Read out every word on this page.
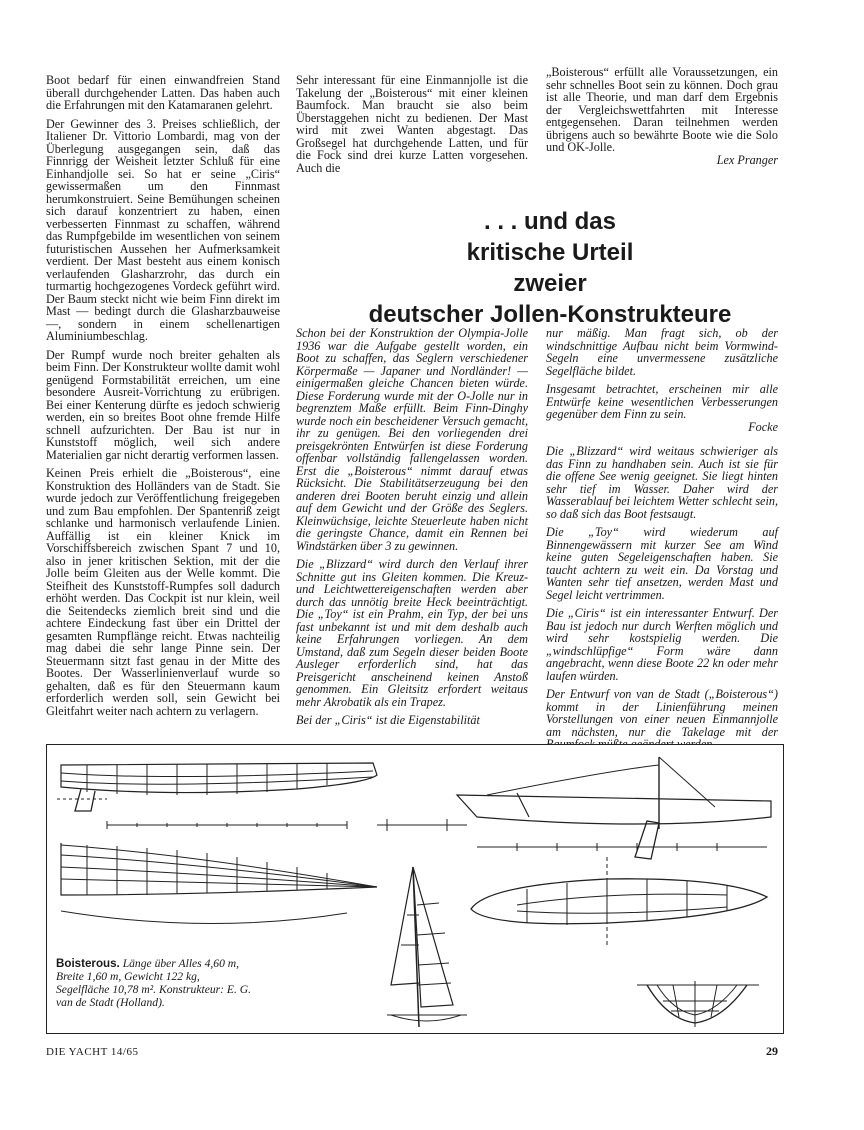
Boot bedarf für einen einwandfreien Stand überall durchgehender Latten. Das haben auch die Erfahrungen mit den Katamaranen gelehrt.

Der Gewinner des 3. Preises schließlich, der Italiener Dr. Vittorio Lombardi, mag von der Überlegung ausgegangen sein, daß das Finnrigg der Weisheit letzter Schluß für eine Einhandjolle sei. So hat er seine „Ciris“ gewissermaßen um den Finnmast herumkonstruiert. Seine Bemühungen scheinen sich darauf konzentriert zu haben, einen verbesserten Finnmast zu schaffen, während das Rumpfgebilde im wesentlichen von seinem futuristischen Aussehen her Aufmerksamkeit verdient. Der Mast besteht aus einem konisch verlaufenden Glasharzrohr, das durch ein turmartig hochgezogenes Vordeck geführt wird. Der Baum steckt nicht wie beim Finn direkt im Mast — bedingt durch die Glasharzbauweise —, sondern in einem schellenartigen Aluminiumbeschlag.

Der Rumpf wurde noch breiter gehalten als beim Finn. Der Konstrukteur wollte damit wohl genügend Formstabilität erreichen, um eine besondere Ausreit-Vorrichtung zu erübrigen. Bei einer Kenterung dürfte es jedoch schwierig werden, ein so breites Boot ohne fremde Hilfe schnell aufzurichten. Der Bau ist nur in Kunststoff möglich, weil sich andere Materialien gar nicht derartig verformen lassen.

Keinen Preis erhielt die „Boisterous“, eine Konstruktion des Holländers van de Stadt. Sie wurde jedoch zur Veröffentlichung freigegeben und zum Bau empfohlen. Der Spantenriß zeigt schlanke und harmonisch verlaufende Linien. Auffällig ist ein kleiner Knick im Vorschiffsbereich zwischen Spant 7 und 10, also in jener kritischen Sektion, mit der die Jolle beim Gleiten aus der Welle kommt. Die Steifheit des Kunststoff-Rumpfes soll dadurch erhöht werden. Das Cockpit ist nur klein, weil die Seitendecks ziemlich breit sind und die achtere Eindeckung fast über ein Drittel der gesamten Rumpflänge reicht. Etwas nachteilig mag dabei die sehr lange Pinne sein. Der Steuermann sitzt fast genau in der Mitte des Bootes. Der Wasserlinienverlauf wurde so gehalten, daß es für den Steuermann kaum erforderlich werden soll, sein Gewicht bei Gleitfahrt weiter nach achtern zu verlagern.

Sehr interessant für eine Einmannjolle ist die Takelung der „Boisterous“ mit einer kleinen Baumfock. Man braucht sie also beim Überstaggehen nicht zu bedienen. Der Mast wird mit zwei Wanten abgestagt. Das Großsegel hat durchgehende Latten, und für die Fock sind drei kurze Latten vorgesehen. Auch die

„Boisterous“ erfüllt alle Voraussetzungen, ein sehr schnelles Boot sein zu können. Doch grau ist alle Theorie, und man darf dem Ergebnis der Vergleichswettfahrten mit Interesse entgegensehen. Daran teilnehmen werden übrigens auch so bewährte Boote wie die Solo und OK-Jolle.

Lex Pranger
. . . und das
kritische Urteil
zweier
deutscher Jollen-Konstrukteure

Schon bei der Konstruktion der Olympia-Jolle 1936 war die Aufgabe gestellt worden, ein Boot zu schaffen, das Seglern verschiedener Körpermaße — Japaner und Nordländer! — einigermaßen gleiche Chancen bieten würde. Diese Forderung wurde mit der O-Jolle nur in begrenztem Maße erfüllt. Beim Finn-Dinghy wurde noch ein bescheidener Versuch gemacht, ihr zu genügen. Bei den vorliegenden drei preisgekrönten Entwürfen ist diese Forderung offenbar vollständig fallengelassen worden. Erst die „Boisterous“ nimmt darauf etwas Rücksicht. Die Stabilitätserzeugung bei den anderen drei Booten beruht einzig und allein auf dem Gewicht und der Größe des Seglers. Kleinwüchsige, leichte Steuerleute haben nicht die geringste Chance, damit ein Rennen bei Windstärken über 3 zu gewinnen.

Die „Blizzard“ wird durch den Verlauf ihrer Schnitte gut ins Gleiten kommen. Die Kreuz- und Leichtwettereigenschaften werden aber durch das unnötig breite Heck beeinträchtigt. Die „Toy“ ist ein Prahm, ein Typ, der bei uns fast unbekannt ist und mit dem deshalb auch keine Erfahrungen vorliegen. An dem Umstand, daß zum Segeln dieser beiden Boote Ausleger erforderlich sind, hat das Preisgericht anscheinend keinen Anstoß genommen. Ein Gleitsitz erfordert weitaus mehr Akrobatik als ein Trapez.

Bei der „Ciris“ ist die Eigenstabilität

nur mäßig. Man fragt sich, ob der windschnittige Aufbau nicht beim Vormwind-Segeln eine unvermessene zusätzliche Segelfläche bildet.

Insgesamt betrachtet, erscheinen mir alle Entwürfe keine wesentlichen Verbesserungen gegenüber dem Finn zu sein.

Focke

Die „Blizzard“ wird weitaus schwieriger als das Finn zu handhaben sein. Auch ist sie für die offene See wenig geeignet. Sie liegt hinten sehr tief im Wasser. Daher wird der Wasserablauf bei leichtem Wetter schlecht sein, so daß sich das Boot festsaugt.

Die „Toy“ wird wiederum auf Binnengewässern mit kurzer See am Wind keine guten Segeleigenschaften haben. Sie taucht achtern zu weit ein. Da Vorstag und Wanten sehr tief ansetzen, werden Mast und Segel leicht vertrimmen.

Die „Ciris“ ist ein interessanter Entwurf. Der Bau ist jedoch nur durch Werften möglich und wird sehr kostspielig werden. Die „windschlüpfige“ Form wäre dann angebracht, wenn diese Boote 22 kn oder mehr laufen würden.

Der Entwurf von van de Stadt („Boisterous“) kommt in der Linienführung meinen Vorstellungen von einer neuen Einmannjolle am nächsten, nur die Takelage mit der

Boisterous. Länge über Alles 4,60 m, Breite 1,60 m, Gewicht 122 kg, Segelfläche 10,78 m². Konstrukteur: E. G. van de Stadt (Holland).
DIE YACHT 14/65	29
